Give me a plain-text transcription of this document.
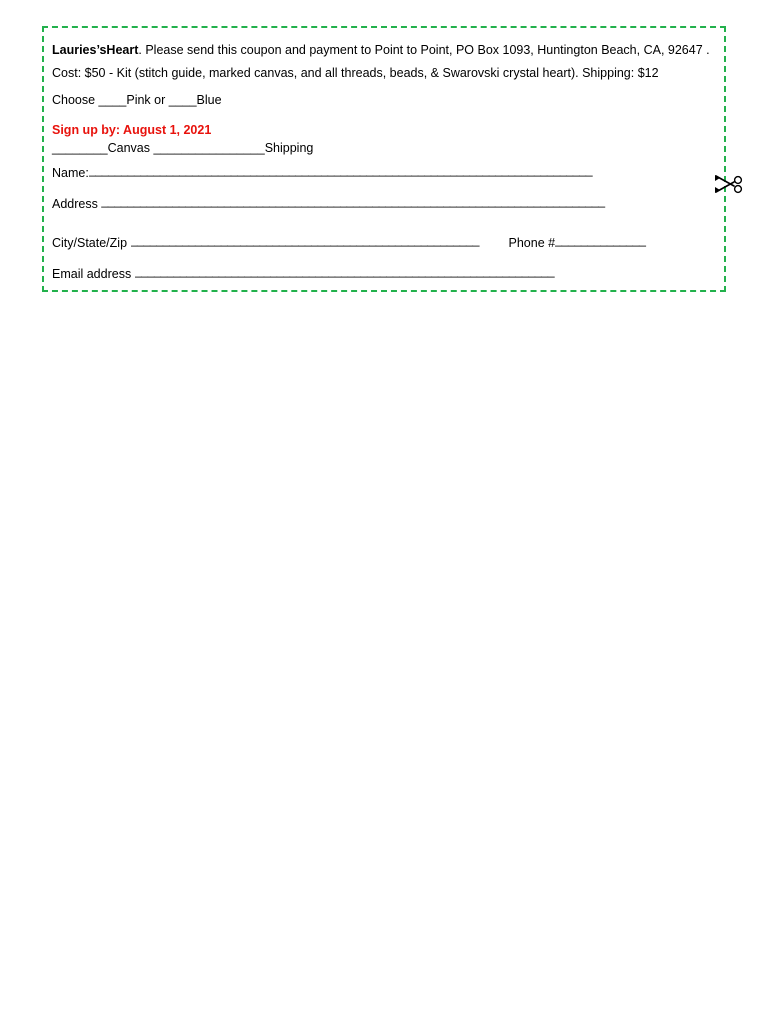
Lauries’sHeart. Please send this coupon and payment to Point to Point, PO Box 1093, Huntington Beach, CA, 92647 .
Cost: $50 - Kit (stitch guide, marked canvas, and all threads, beads, & Swarovski crystal heart). Shipping: $12
Choose ____Pink or ____Blue
Sign up by: August 1, 2021
________Canvas ________________Shipping
Name:______________________________________________________________________________
Address ______________________________________________________________________________
City/State/Zip ______________________________________________________ Phone #______________
Email address _________________________________________________________________
